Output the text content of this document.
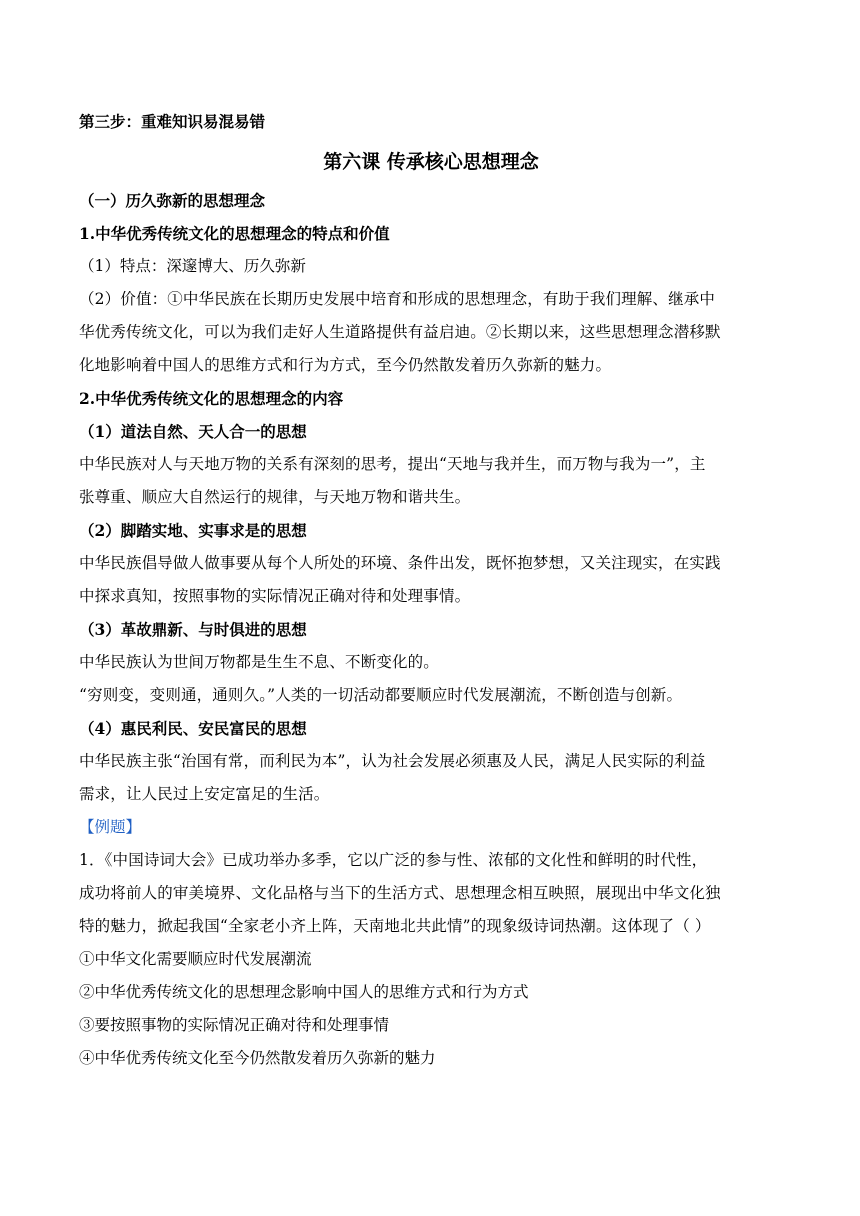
第三步：重难知识易混易错
第六课 传承核心思想理念
（一）历久弥新的思想理念
1.中华优秀传统文化的思想理念的特点和价值
（1）特点：深邃博大、历久弥新
（2）价值：①中华民族在长期历史发展中培育和形成的思想理念，有助于我们理解、继承中
华优秀传统文化，可以为我们走好人生道路提供有益启迪。②长期以来，这些思想理念潜移默
化地影响着中国人的思维方式和行为方式，至今仍然散发着历久弥新的魅力。
2.中华优秀传统文化的思想理念的内容
（1）道法自然、天人合一的思想
中华民族对人与天地万物的关系有深刻的思考，提出“天地与我并生，而万物与我为一”，主
张尊重、顺应大自然运行的规律，与天地万物和谐共生。
（2）脚踏实地、实事求是的思想
中华民族倡导做人做事要从每个人所处的环境、条件出发，既怀抱梦想，又关注现实，在实践
中探求真知，按照事物的实际情况正确对待和处理事情。
（3）革故鼎新、与时俱进的思想
中华民族认为世间万物都是生生不息、不断变化的。
“穷则变，变则通，通则久。”人类的一切活动都要顺应时代发展潮流，不断创造与创新。
（4）惠民利民、安民富民的思想
中华民族主张“治国有常，而利民为本”，认为社会发展必须惠及人民，满足人民实际的利益
需求，让人民过上安定富足的生活。
【例题】
1．《中国诗词大会》已成功举办多季，它以广泛的参与性、浓郁的文化性和鲜明的时代性，
成功将前人的审美境界、文化品格与当下的生活方式、思想理念相互映照，展现出中华文化独
特的魅力，掀起我国“全家老小齐上阵，天南地北共此情”的现象级诗词热潮。这体现了（ ）
①中华文化需要顺应时代发展潮流
②中华优秀传统文化的思想理念影响中国人的思维方式和行为方式
③要按照事物的实际情况正确对待和处理事情
④中华优秀传统文化至今仍然散发着历久弥新的魅力
